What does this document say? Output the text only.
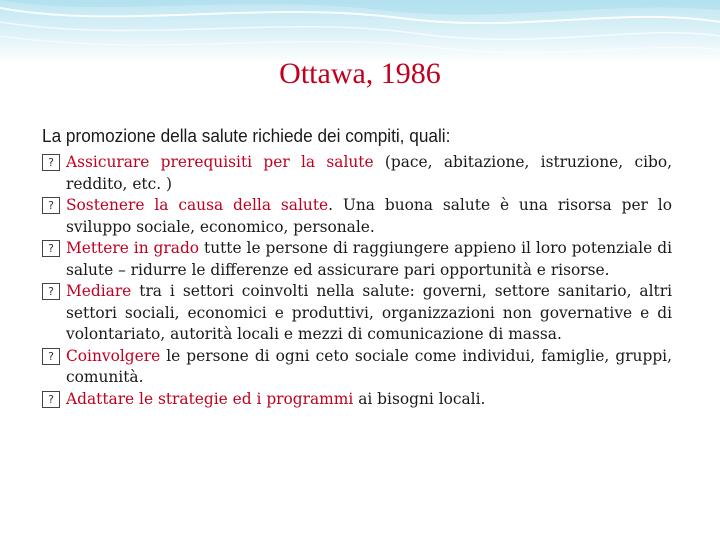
Ottawa, 1986
La promozione della salute richiede dei compiti, quali:
? Assicurare prerequisiti per la salute (pace, abitazione, istruzione, cibo, reddito, etc. )
? Sostenere la causa della salute. Una buona salute è una risorsa per lo sviluppo sociale, economico, personale.
? Mettere in grado tutte le persone di raggiungere appieno il loro potenziale di salute – ridurre le differenze ed assicurare pari opportunità e risorse.
? Mediare tra i settori coinvolti nella salute: governi, settore sanitario, altri settori sociali, economici e produttivi, organizzazioni non governative e di volontariato, autorità locali e mezzi di comunicazione di massa.
? Coinvolgere le persone di ogni ceto sociale come individui, famiglie, gruppi, comunità.
? Adattare le strategie ed i programmi ai bisogni locali.
